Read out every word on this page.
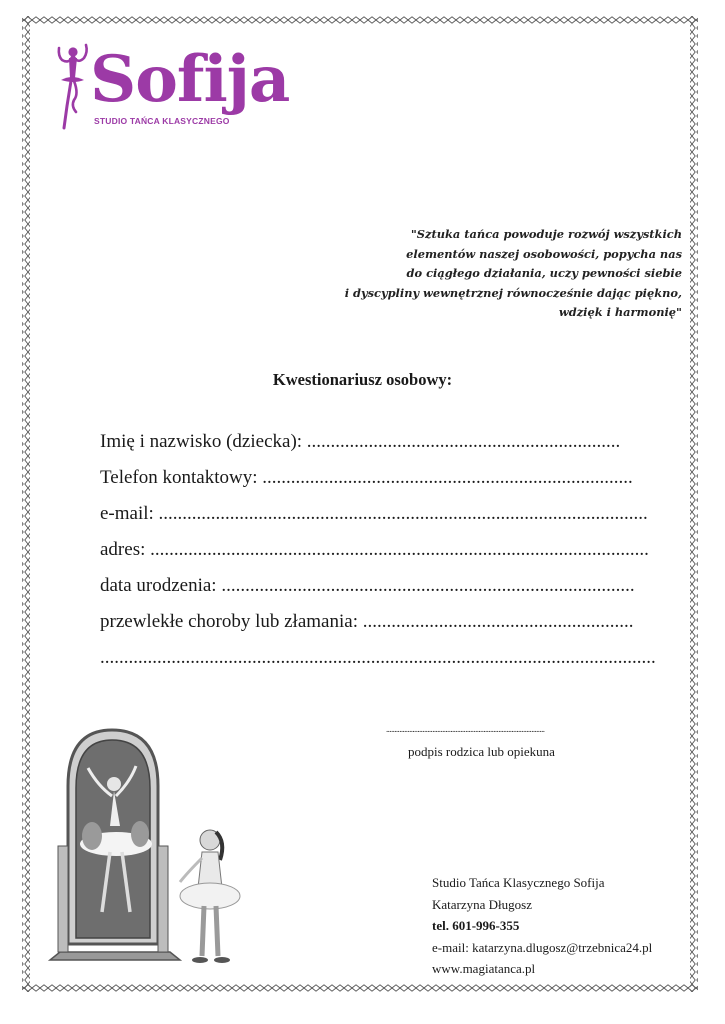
Sofija
STUDIO TAŃCA KLASYCZNEGO
"Sztuka tańca powoduje rozwój wszystkich
elementów naszej osobowości, popycha nas
do ciągłego działania, uczy pewności siebie
i dyscypliny wewnętrznej równocześnie dając piękno,
wdzięk i harmonię"
Kwestionariusz osobowy:
Imię i nazwisko (dziecka): ..................................................................
Telefon kontaktowy: ..............................................................................
e-mail: .......................................................................................................
adres: .........................................................................................................
data urodzenia: .......................................................................................
przewlekłe choroby lub złamania: .........................................................
.....................................................................................................................
................................................................................................
podpis rodzica lub opiekuna
Studio Tańca Klasycznego Sofija
Katarzyna Długosz
tel. 601-996-355
e-mail: katarzyna.dlugosz@trzebnica24.pl
www.magiatanca.pl
